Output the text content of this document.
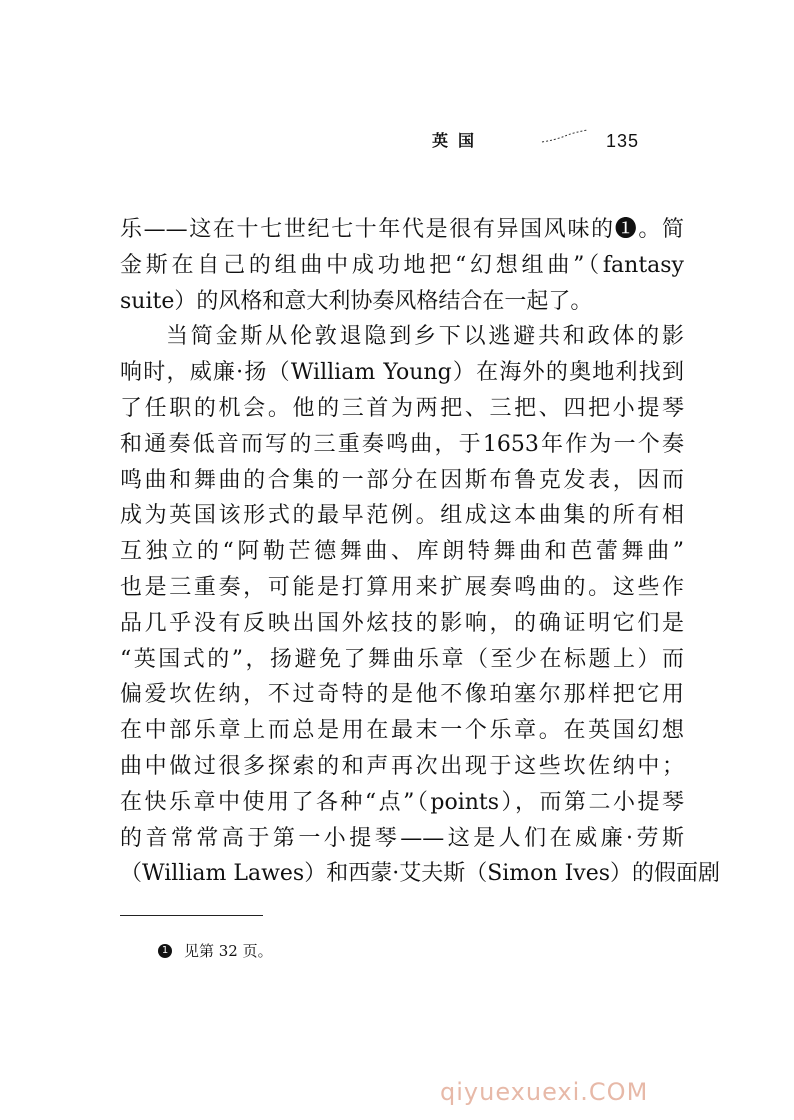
英国	135
乐——这在十七世纪七十年代是很有异国风味的❶。简
金斯在自己的组曲中成功地把“幻想组曲”（fantasy
suite）的风格和意大利协奏风格结合在一起了。
当简金斯从伦敦退隐到乡下以逃避共和政体的影
响时，威廉·扬（William Young）在海外的奥地利找到
了任职的机会。他的三首为两把、三把、四把小提琴
和通奏低音而写的三重奏鸣曲，于1653年作为一个奏
鸣曲和舞曲的合集的一部分在因斯布鲁克发表，因而
成为英国该形式的最早范例。组成这本曲集的所有相
互独立的“阿勒芒德舞曲、库朗特舞曲和芭蕾舞曲”
也是三重奏，可能是打算用来扩展奏鸣曲的。这些作
品几乎没有反映出国外炫技的影响，的确证明它们是
“英国式的”，扬避免了舞曲乐章（至少在标题上）而
偏爱坎佐纳，不过奇特的是他不像珀塞尔那样把它用
在中部乐章上而总是用在最末一个乐章。在英国幻想
曲中做过很多探索的和声再次出现于这些坎佐纳中；
在快乐章中使用了各种“点”（points），而第二小提琴
的音常常高于第一小提琴——这是人们在威廉·劳斯
（William Lawes）和西蒙·艾夫斯（Simon Ives）的假面剧
1 见第 32 页。
qiyuexuexi.COM
